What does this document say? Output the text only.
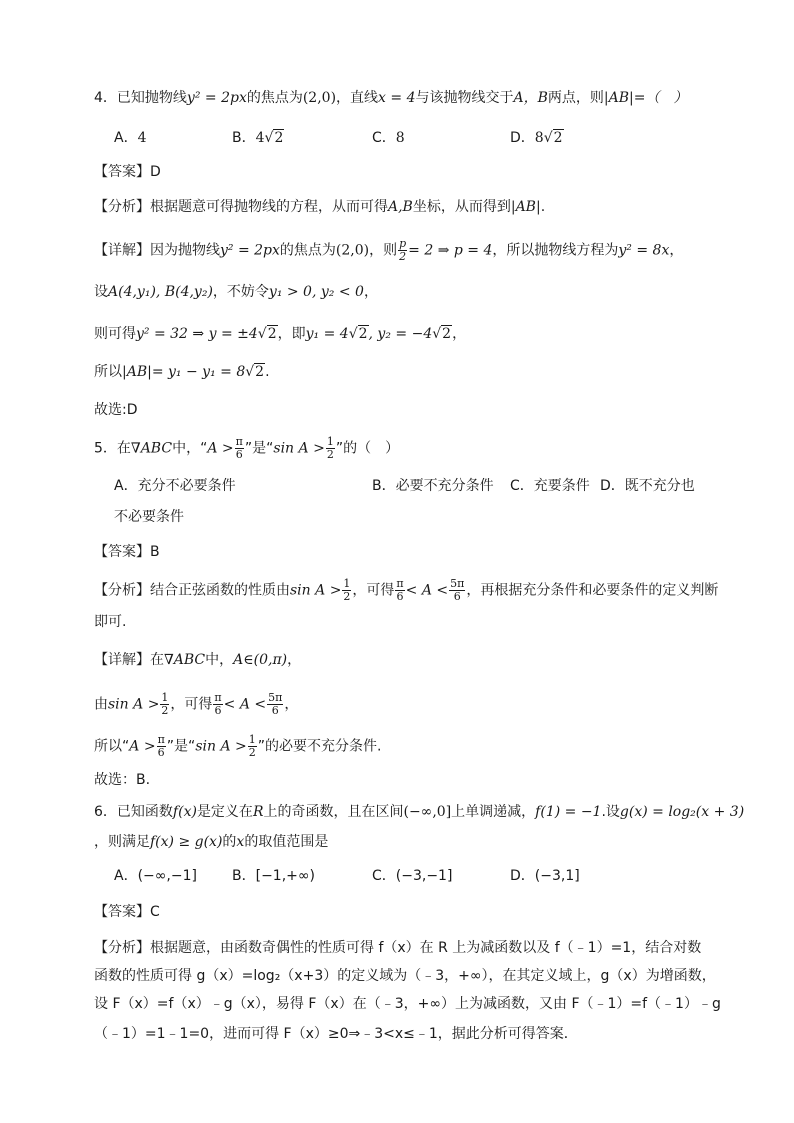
4．已知抛物线y² = 2px的焦点为(2,0)，直线x = 4与该抛物线交于A，B两点，则|AB|=（　）
A．4	B．4√2	C．8	D．8√2
【答案】D
【分析】根据题意可得抛物线的方程，从而可得A,B坐标，从而得到|AB|.
【详解】因为抛物线y² = 2px的焦点为(2,0)，则 $\frac{p}{2} = 2$ ⇒ p = 4，所以抛物线方程为y² = 8x，
设A(4,y₁), B(4,y₂)，不妨令y₁ > 0, y₂ < 0，
则可得y² = 32 ⇒ y = ±4√2，即y₁ = 4√2, y₂ = −4√2，
所以|AB|= y₁ − y₁ = 8√2.
故选:D
5．在∇ABC中，“$A > \frac{\pi}{6}$ ”是“sin $A > \frac{1}{2}$ ”的（　）
A．充分不必要条件	B．必要不充分条件 C．充要条件 D．既不充分也
不必要条件
【答案】B
【分析】结合正弦函数的性质由$\sin A > \frac{1}{2}$ ，可得 $\frac{\pi}{6} < A < \frac{5\pi}{6}$ ，再根据充分条件和必要条件的定义判断
即可.
【详解】在∇ABC中，A∈(0,π)，
由$\sin A > \frac{1}{2}$ ，可得 $\frac{\pi}{6} < A < \frac{5\pi}{6}$ ，
所以“$A > \frac{\pi}{6}$ ”是“sin $A > \frac{1}{2}$ ”的必要不充分条件.
故选：B.
6．已知函数f(x)是定义在R上的奇函数，且在区间(−∞,0]上单调递减，f(1) = −1.设g(x) = log₂(x + 3)
，则满足f(x) ≥ g(x)的x的取值范围是
A．(−∞,−1]	B．[−1,+∞)	C．(−3,−1]	D．(−3,1]
【答案】C
【分析】根据题意，由函数奇偶性的性质可得 f（x）在 R 上为减函数以及 f（﹣1）=1，结合对数
函数的性质可得 g（x）=log₂（x+3）的定义域为（﹣3，+∞），在其定义域上，g（x）为增函数，
设 F（x）=f（x）﹣g（x），易得 F（x）在（﹣3，+∞）上为减函数，又由 F（﹣1）=f（﹣1）﹣g
（﹣1）=1﹣1=0，进而可得 F（x）≥0⇒﹣3<x≤﹣1，据此分析可得答案．
